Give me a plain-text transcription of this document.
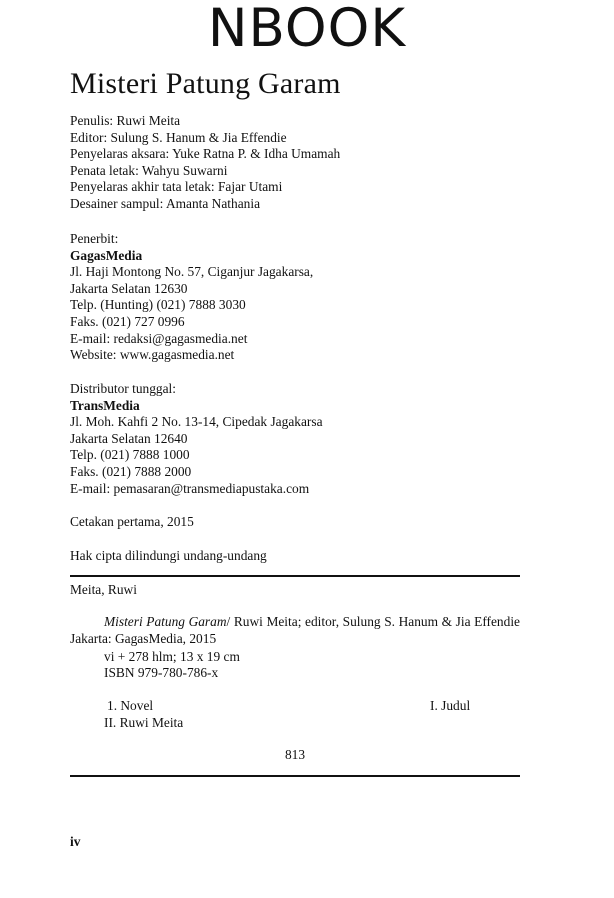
NBOOK
Misteri Patung Garam
Penulis: Ruwi Meita
Editor: Sulung S. Hanum & Jia Effendie
Penyelaras aksara: Yuke Ratna P. & Idha Umamah
Penata letak: Wahyu Suwarni
Penyelaras akhir tata letak: Fajar Utami
Desainer sampul: Amanta Nathania
Penerbit:
GagasMedia
Jl. Haji Montong No. 57, Ciganjur Jagakarsa,
Jakarta Selatan 12630
Telp. (Hunting) (021) 7888 3030
Faks. (021) 727 0996
E-mail: redaksi@gagasmedia.net
Website: www.gagasmedia.net
Distributor tunggal:
TransMedia
Jl. Moh. Kahfi 2 No. 13-14, Cipedak Jagakarsa
Jakarta Selatan 12640
Telp. (021) 7888 1000
Faks. (021) 7888 2000
E-mail: pemasaran@transmediapustaka.com
Cetakan pertama, 2015
Hak cipta dilindungi undang-undang
Meita, Ruwi
Misteri Patung Garam/ Ruwi Meita; editor, Sulung S. Hanum & Jia Effendie Jakarta: GagasMedia, 2015
vi + 278 hlm; 13 x 19 cm
ISBN 979-780-786-x
1. Novel	I. Judul
II. Ruwi Meita
813
iv
